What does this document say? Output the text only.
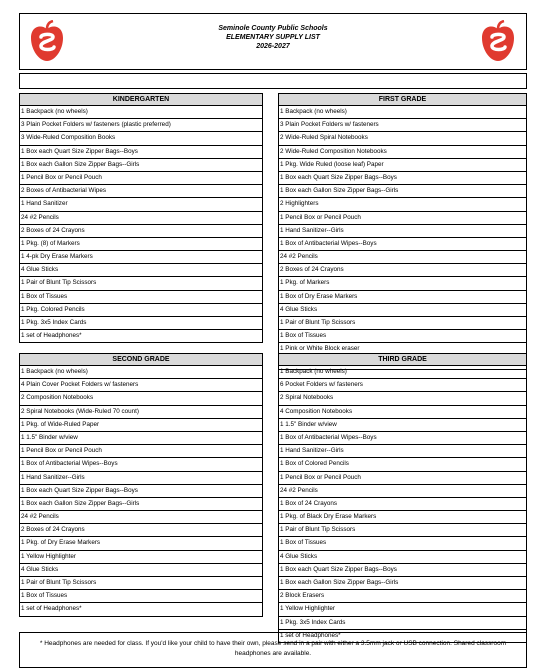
Seminole County Public Schools
ELEMENTARY SUPPLY LIST
2026-2027
KINDERGARTEN
1 Backpack (no wheels)
3 Plain Pocket Folders w/ fasteners (plastic preferred)
3 Wide-Ruled Composition Books
1 Box each Quart Size Zipper Bags--Boys
1 Box each Gallon Size Zipper Bags--Girls
1 Pencil Box or Pencil Pouch
2 Boxes of Antibacterial Wipes
1 Hand Sanitizer
24 #2 Pencils
2 Boxes of 24 Crayons
1 Pkg. (8) of Markers
1 4-pk Dry Erase Markers
4 Glue Sticks
1 Pair of Blunt Tip Scissors
1 Box of Tissues
1 Pkg. Colored Pencils
1 Pkg. 3x5 Index Cards
1 set of Headphones*
FIRST GRADE
1 Backpack (no wheels)
3 Plain Pocket Folders w/ fasteners
2 Wide-Ruled Spiral Notebooks
2 Wide-Ruled Composition Notebooks
1 Pkg. Wide Ruled (loose leaf) Paper
1 Box each Quart Size Zipper Bags--Boys
1 Box each Gallon Size Zipper Bags--Girls
2 Highlighters
1 Pencil Box or Pencil Pouch
1 Hand Sanitizer--Girls
1 Box of Antibacterial Wipes--Boys
24 #2 Pencils
2 Boxes of 24 Crayons
1 Pkg. of Markers
1 Box of Dry Erase Markers
4 Glue Sticks
1 Pair of Blunt Tip Scissors
1 Box of Tissues
1 Pink or White Block eraser
SECOND GRADE
1 Backpack (no wheels)
4 Plain Cover Pocket Folders w/ fasteners
2 Composition Notebooks
2 Spiral Notebooks (Wide-Ruled 70 count)
1 Pkg. of Wide-Ruled Paper
1 1.5" Binder w/view
1 Pencil Box or Pencil Pouch
1 Box of Antibacterial Wipes--Boys
1 Hand Sanitizer--Girls
1 Box each Quart Size Zipper Bags--Boys
1 Box each Gallon Size Zipper Bags--Girls
24 #2 Pencils
2 Boxes of 24 Crayons
1 Pkg. of Dry Erase Markers
1 Yellow Highlighter
4 Glue Sticks
1 Pair of Blunt Tip Scissors
1 Box of Tissues
1 set of Headphones*
THIRD GRADE
1 Backpack (no wheels)
6 Pocket Folders w/ fasteners
2 Spiral Notebooks
4 Composition Notebooks
1 1.5" Binder w/view
1 Box of Antibacterial Wipes--Boys
1 Hand Sanitizer--Girls
1 Box of Colored Pencils
1 Pencil Box or Pencil Pouch
24 #2 Pencils
1 Box of 24 Crayons
1 Pkg. of Black Dry Erase Markers
1 Pair of Blunt Tip Scissors
1 Box of Tissues
4 Glue Sticks
1 Box each Quart Size Zipper Bags--Boys
1 Box each Gallon Size Zipper Bags--Girls
2 Block Erasers
1 Yellow Highlighter
1 Pkg. 3x5 Index Cards
1 set of Headphones*
* Headphones are needed for class. If you'd like your child to have their own, please send in a pair with either a 3.5mm jack or USB connection. Shared classroom headphones are available.
